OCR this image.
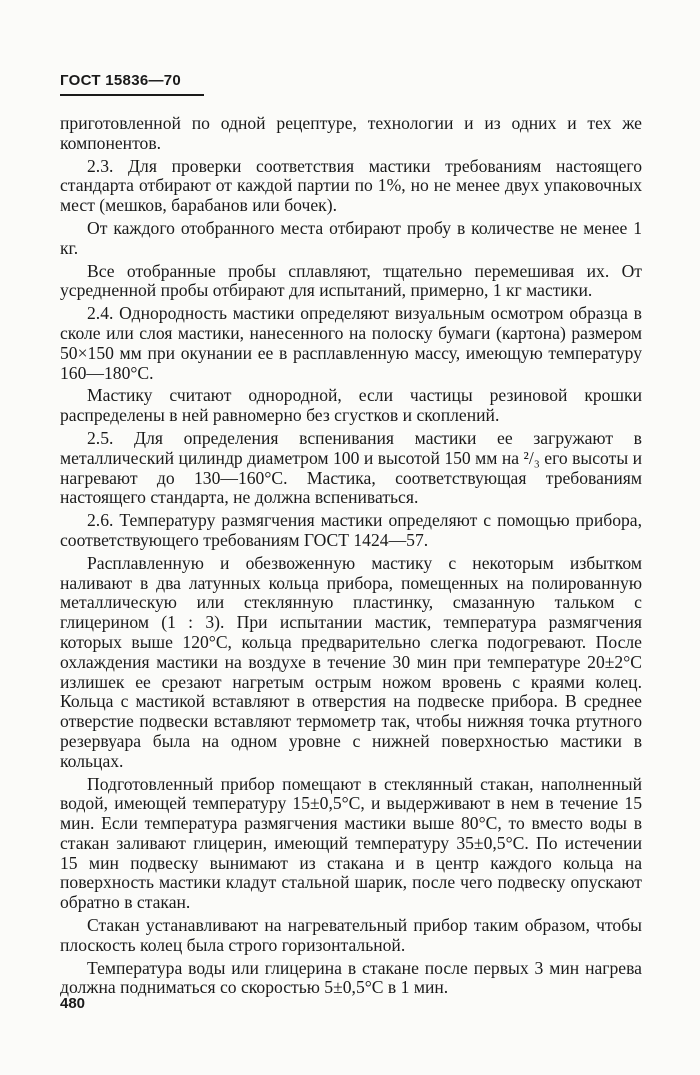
ГОСТ 15836—70

приготовленной по одной рецептуре, технологии и из одних и тех же компонентов.

2.3. Для проверки соответствия мастики требованиям настоящего стандарта отбирают от каждой партии по 1%, но не менее двух упаковочных мест (мешков, барабанов или бочек).

От каждого отобранного места отбирают пробу в количестве не менее 1 кг.

Все отобранные пробы сплавляют, тщательно перемешивая их. От усредненной пробы отбирают для испытаний, примерно, 1 кг мастики.

2.4. Однородность мастики определяют визуальным осмотром образца в сколе или слоя мастики, нанесенного на полоску бумаги (картона) размером 50×150 мм при окунании ее в расплавленную массу, имеющую температуру 160—180°С.

Мастику считают однородной, если частицы резиновой крошки распределены в ней равномерно без сгустков и скоплений.

2.5. Для определения вспенивания мастики ее загружают в металлический цилиндр диаметром 100 и высотой 150 мм на ²/₃ его высоты и нагревают до 130—160°С. Мастика, соответствующая требованиям настоящего стандарта, не должна вспениваться.

2.6. Температуру размягчения мастики определяют с помощью прибора, соответствующего требованиям ГОСТ 1424—57.

Расплавленную и обезвоженную мастику с некоторым избытком наливают в два латунных кольца прибора, помещенных на полированную металлическую или стеклянную пластинку, смазанную тальком с глицерином (1 : 3). При испытании мастик, температура размягчения которых выше 120°С, кольца предварительно слегка подогревают. После охлаждения мастики на воздухе в течение 30 мин при температуре 20±2°С излишек ее срезают нагретым острым ножом вровень с краями колец. Кольца с мастикой вставляют в отверстия на подвеске прибора. В среднее отверстие подвески вставляют термометр так, чтобы нижняя точка ртутного резервуара была на одном уровне с нижней поверхностью мастики в кольцах.

Подготовленный прибор помещают в стеклянный стакан, наполненный водой, имеющей температуру 15±0,5°С, и выдерживают в нем в течение 15 мин. Если температура размягчения мастики выше 80°С, то вместо воды в стакан заливают глицерин, имеющий температуру 35±0,5°С. По истечении 15 мин подвеску вынимают из стакана и в центр каждого кольца на поверхность мастики кладут стальной шарик, после чего подвеску опускают обратно в стакан.

Стакан устанавливают на нагревательный прибор таким образом, чтобы плоскость колец была строго горизонтальной.

Температура воды или глицерина в стакане после первых 3 мин нагрева должна подниматься со скоростью 5±0,5°С в 1 мин.

480
